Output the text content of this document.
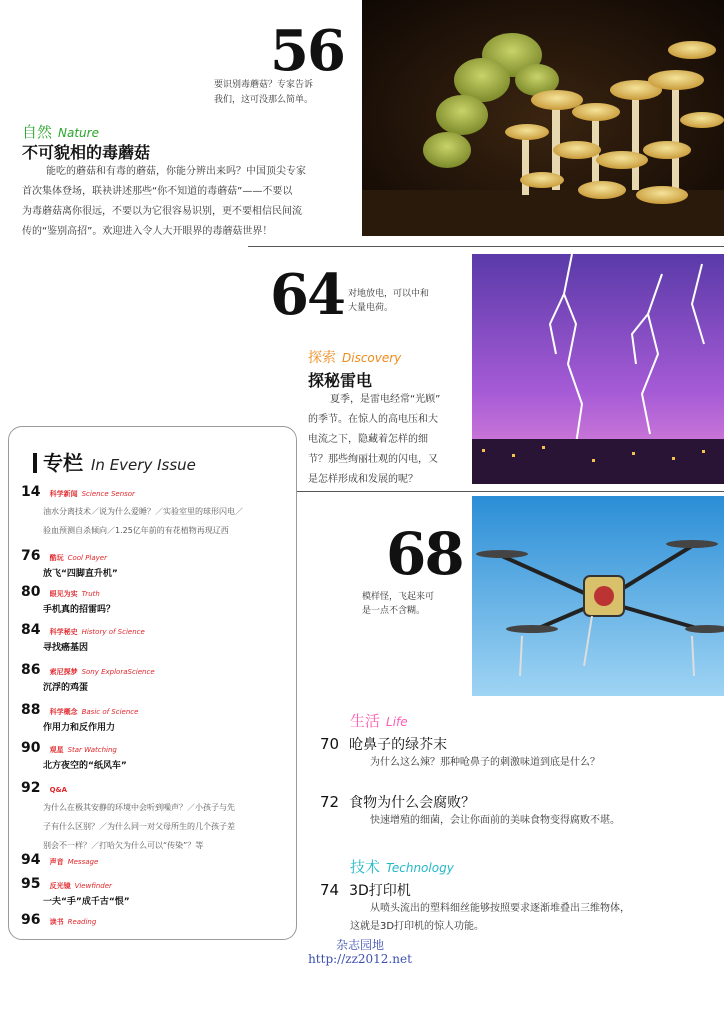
56
要识别毒蘑菇？专家告诉
我们，这可没那么简单。
自然 Nature
不可貌相的毒蘑菇
能吃的蘑菇和有毒的蘑菇，你能分辨出来吗？中国顶尖专家
首次集体登场，联袂讲述那些“你不知道的毒蘑菇”——不要以
为毒蘑菇离你很远，不要以为它很容易识别，更不要相信民间流
传的“鉴别高招”。欢迎进入令人大开眼界的毒蘑菇世界！
64 对地放电，可以中和
大量电荷。
探索 Discovery
探秘雷电
夏季，是雷电经常“光顾”
的季节。在惊人的高电压和大
电流之下，隐藏着怎样的细
节？那些绚丽壮观的闪电，又
是怎样形成和发展的呢？
68
模样怪，飞起来可
是一点不含糊。
专栏 In Every Issue
14 科学新闻 Science Sensor
油水分离技术／说为什么爱睡？／实验室里的球形闪电／
验血预测自杀倾向／1.25亿年前的有花植物再现辽西
76 酷玩 Cool Player
放飞“四脚直升机”
80 眼见为实 Truth
手机真的招雷吗？
84 科学秘史 History of Science
寻找癌基因
86 索尼探梦 Sony ExploraScience
沉浮的鸡蛋
88 科学概念 Basic of Science
作用力和反作用力
90 观星 Star Watching
北方夜空的“纸风车”
92 Q&A
为什么在极其安静的环境中会听到噪声？／小孩子与先
子有什么区别？／为什么同一对父母所生的几个孩子差
别会不一样？／打哈欠为什么可以“传染”？等
94 声音 Message
95 反光镜 Viewfinder
一夫“手”成千古“恨”
96 读书 Reading
生活 Life
70 呛鼻子的绿芥末
为什么这么辣？那种呛鼻子的刺激味道到底是什么？
72 食物为什么会腐败？
快速增殖的细菌，会让你面前的美味食物变得腐败不堪。
技术 Technology
74 3D打印机
从喷头流出的塑料细丝能够按照要求逐渐堆叠出三维物体，
这就是3D打印机的惊人功能。
杂志园地
http://zz2012.net
